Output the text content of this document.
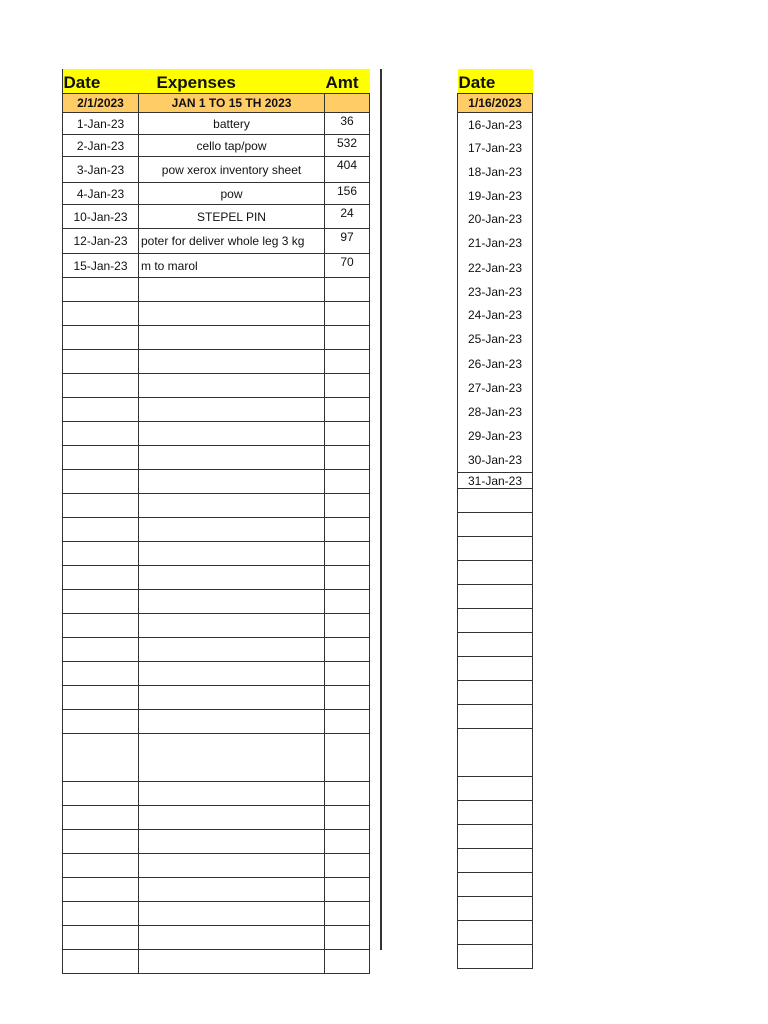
Date	Expenses	Amt
2/1/2023	JAN 1 TO 15 TH 2023	
1-Jan-23	battery	36
2-Jan-23	cello tap/pow	532
3-Jan-23	pow xerox inventory sheet	404
4-Jan-23	pow	156
10-Jan-23	STEPEL PIN	24
12-Jan-23	poter for deliver whole leg 3 kg	97
15-Jan-23	m to marol	70

Date
1/16/2023
16-Jan-23
17-Jan-23
18-Jan-23
19-Jan-23
20-Jan-23
21-Jan-23
22-Jan-23
23-Jan-23
24-Jan-23
25-Jan-23
26-Jan-23
27-Jan-23
28-Jan-23
29-Jan-23
30-Jan-23
31-Jan-23
